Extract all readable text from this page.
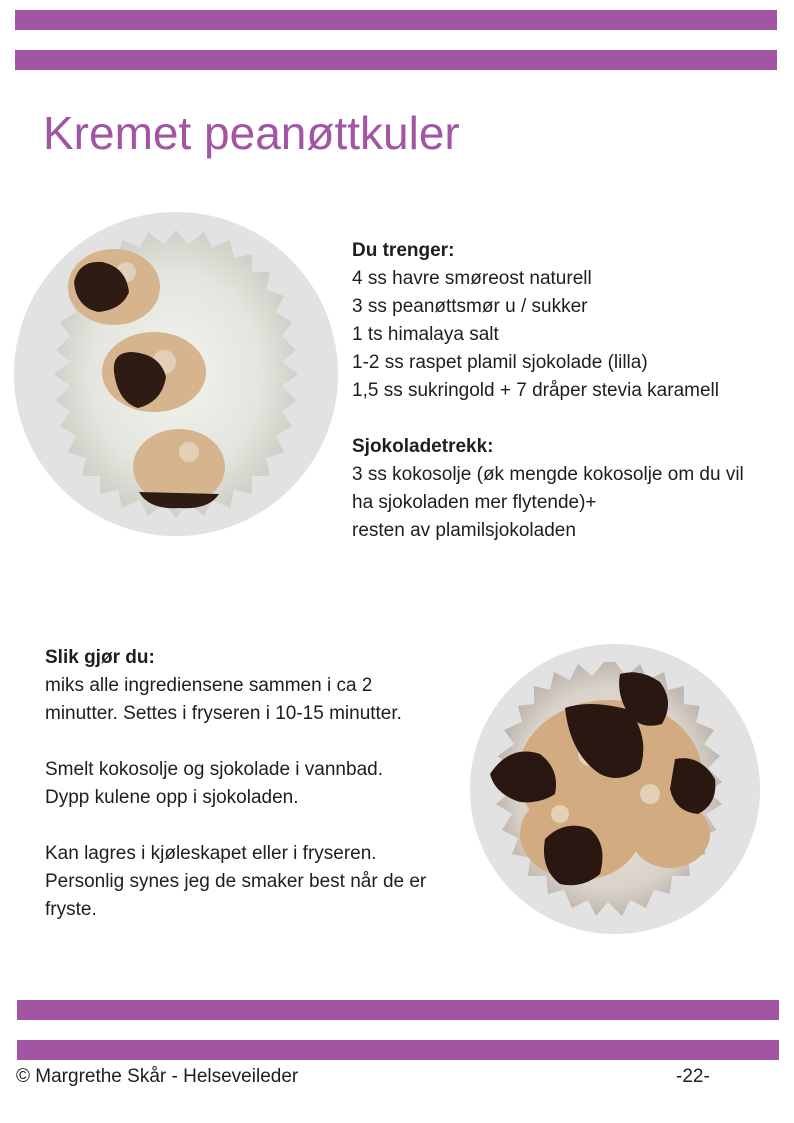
Kremet peanøttkuler
Du trenger:
4 ss havre smøreost naturell
3 ss peanøttsmør u / sukker
1 ts himalaya salt
1-2 ss raspet plamil sjokolade (lilla)
1,5 ss sukringold + 7 dråper stevia karamell
Sjokoladetrekk:
3 ss kokosolje (øk mengde kokosolje om du vil
ha sjokoladen mer flytende)+
resten av plamilsjokoladen
Slik gjør du:
miks alle ingrediensene sammen i ca 2
minutter. Settes i fryseren i 10-15 minutter.
Smelt kokosolje og sjokolade i vannbad.
Dypp kulene opp i sjokoladen.
Kan lagres i kjøleskapet eller i fryseren.
Personlig synes jeg de smaker best når de er
fryste.
© Margrethe Skår - Helseveileder	-22-
